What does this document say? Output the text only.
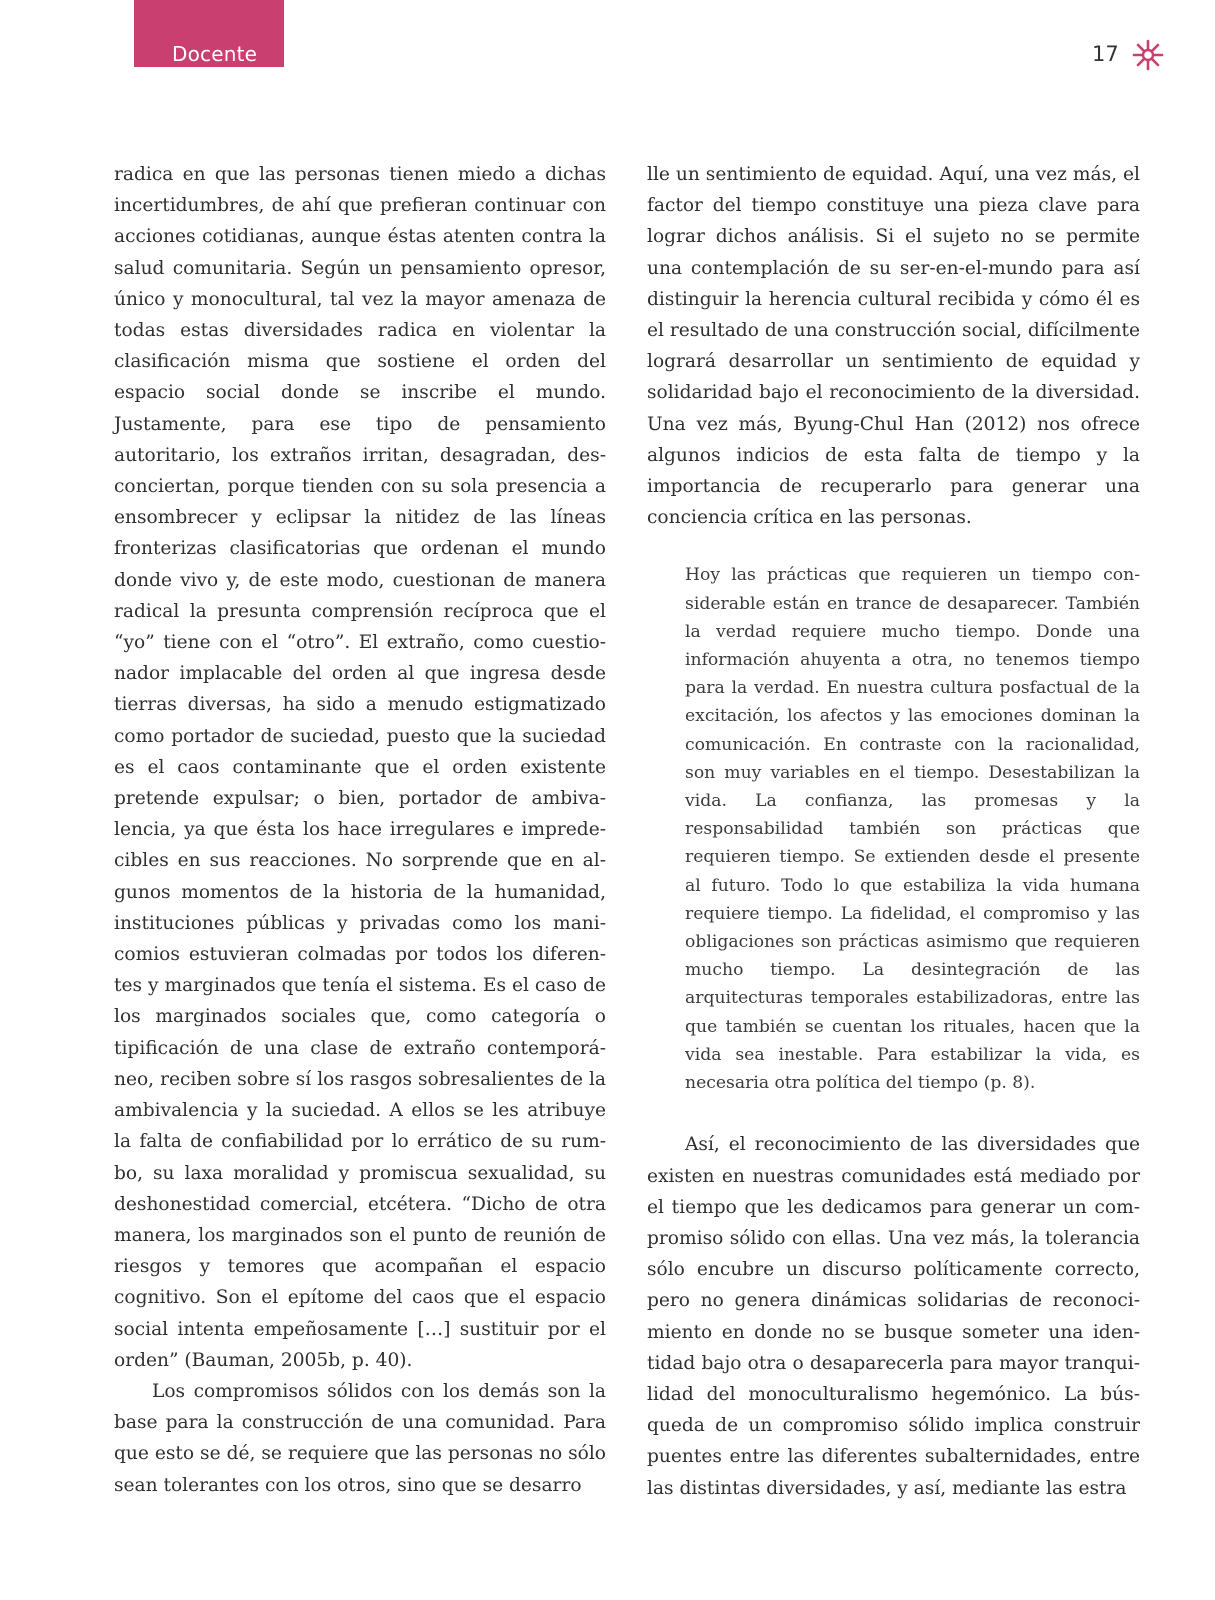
Docente	17

radica en que las personas tienen miedo a dichas incertidumbres, de ahí que prefieran continuar con acciones cotidianas, aunque éstas atenten contra la salud comunitaria. Según un pensamiento opresor, único y monocultural, tal vez la mayor amenaza de todas estas diversidades radica en violentar la clasificación misma que sostiene el orden del espacio social donde se inscribe el mundo. Justamente, para ese tipo de pensamiento autoritario, los extraños irritan, desagradan, desconciertan, porque tienden con su sola presencia a ensombrecer y eclipsar la nitidez de las líneas fronterizas clasificatorias que ordenan el mundo donde vivo y, de este modo, cuestionan de manera radical la presunta comprensión recíproca que el “yo” tiene con el “otro”. El extraño, como cuestionador implacable del orden al que ingresa desde tierras diversas, ha sido a menudo estigmatizado como portador de suciedad, puesto que la suciedad es el caos contaminante que el orden existente pretende expulsar; o bien, portador de ambivalencia, ya que ésta los hace irregulares e impredecibles en sus reacciones. No sorprende que en algunos momentos de la historia de la humanidad, instituciones públicas y privadas como los manicomios estuvieran colmadas por todos los diferentes y marginados que tenía el sistema. Es el caso de los marginados sociales que, como categoría o tipificación de una clase de extraño contemporáneo, reciben sobre sí los rasgos sobresalientes de la ambivalencia y la suciedad. A ellos se les atribuye la falta de confiabilidad por lo errático de su rumbo, su laxa moralidad y promiscua sexualidad, su deshonestidad comercial, etcétera. “Dicho de otra manera, los marginados son el punto de reunión de riesgos y temores que acompañan el espacio cognitivo. Son el epítome del caos que el espacio social intenta empeñosamente […] sustituir por el orden” (Bauman, 2005b, p. 40).

Los compromisos sólidos con los demás son la base para la construcción de una comunidad. Para que esto se dé, se requiere que las personas no sólo sean tolerantes con los otros, sino que se desarro

lle un sentimiento de equidad. Aquí, una vez más, el factor del tiempo constituye una pieza clave para lograr dichos análisis. Si el sujeto no se permite una contemplación de su ser-en-el-mundo para así distinguir la herencia cultural recibida y cómo él es el resultado de una construcción social, difícilmente logrará desarrollar un sentimiento de equidad y solidaridad bajo el reconocimiento de la diversidad. Una vez más, Byung-Chul Han (2012) nos ofrece algunos indicios de esta falta de tiempo y la importancia de recuperarlo para generar una conciencia crítica en las personas.

Hoy las prácticas que requieren un tiempo considerable están en trance de desaparecer. También la verdad requiere mucho tiempo. Donde una información ahuyenta a otra, no tenemos tiempo para la verdad. En nuestra cultura posfactual de la excitación, los afectos y las emociones dominan la comunicación. En contraste con la racionalidad, son muy variables en el tiempo. Desestabilizan la vida. La confianza, las promesas y la responsabilidad también son prácticas que requieren tiempo. Se extienden desde el presente al futuro. Todo lo que estabiliza la vida humana requiere tiempo. La fidelidad, el compromiso y las obligaciones son prácticas asimismo que requieren mucho tiempo. La desintegración de las arquitecturas temporales estabilizadoras, entre las que también se cuentan los rituales, hacen que la vida sea inestable. Para estabilizar la vida, es necesaria otra política del tiempo (p. 8).

Así, el reconocimiento de las diversidades que existen en nuestras comunidades está mediado por el tiempo que les dedicamos para generar un compromiso sólido con ellas. Una vez más, la tolerancia sólo encubre un discurso políticamente correcto, pero no genera dinámicas solidarias de reconocimiento en donde no se busque someter una identidad bajo otra o desaparecerla para mayor tranquilidad del monoculturalismo hegemónico. La búsqueda de un compromiso sólido implica construir puentes entre las diferentes subalternidades, entre las distintas diversidades, y así, mediante las estra
